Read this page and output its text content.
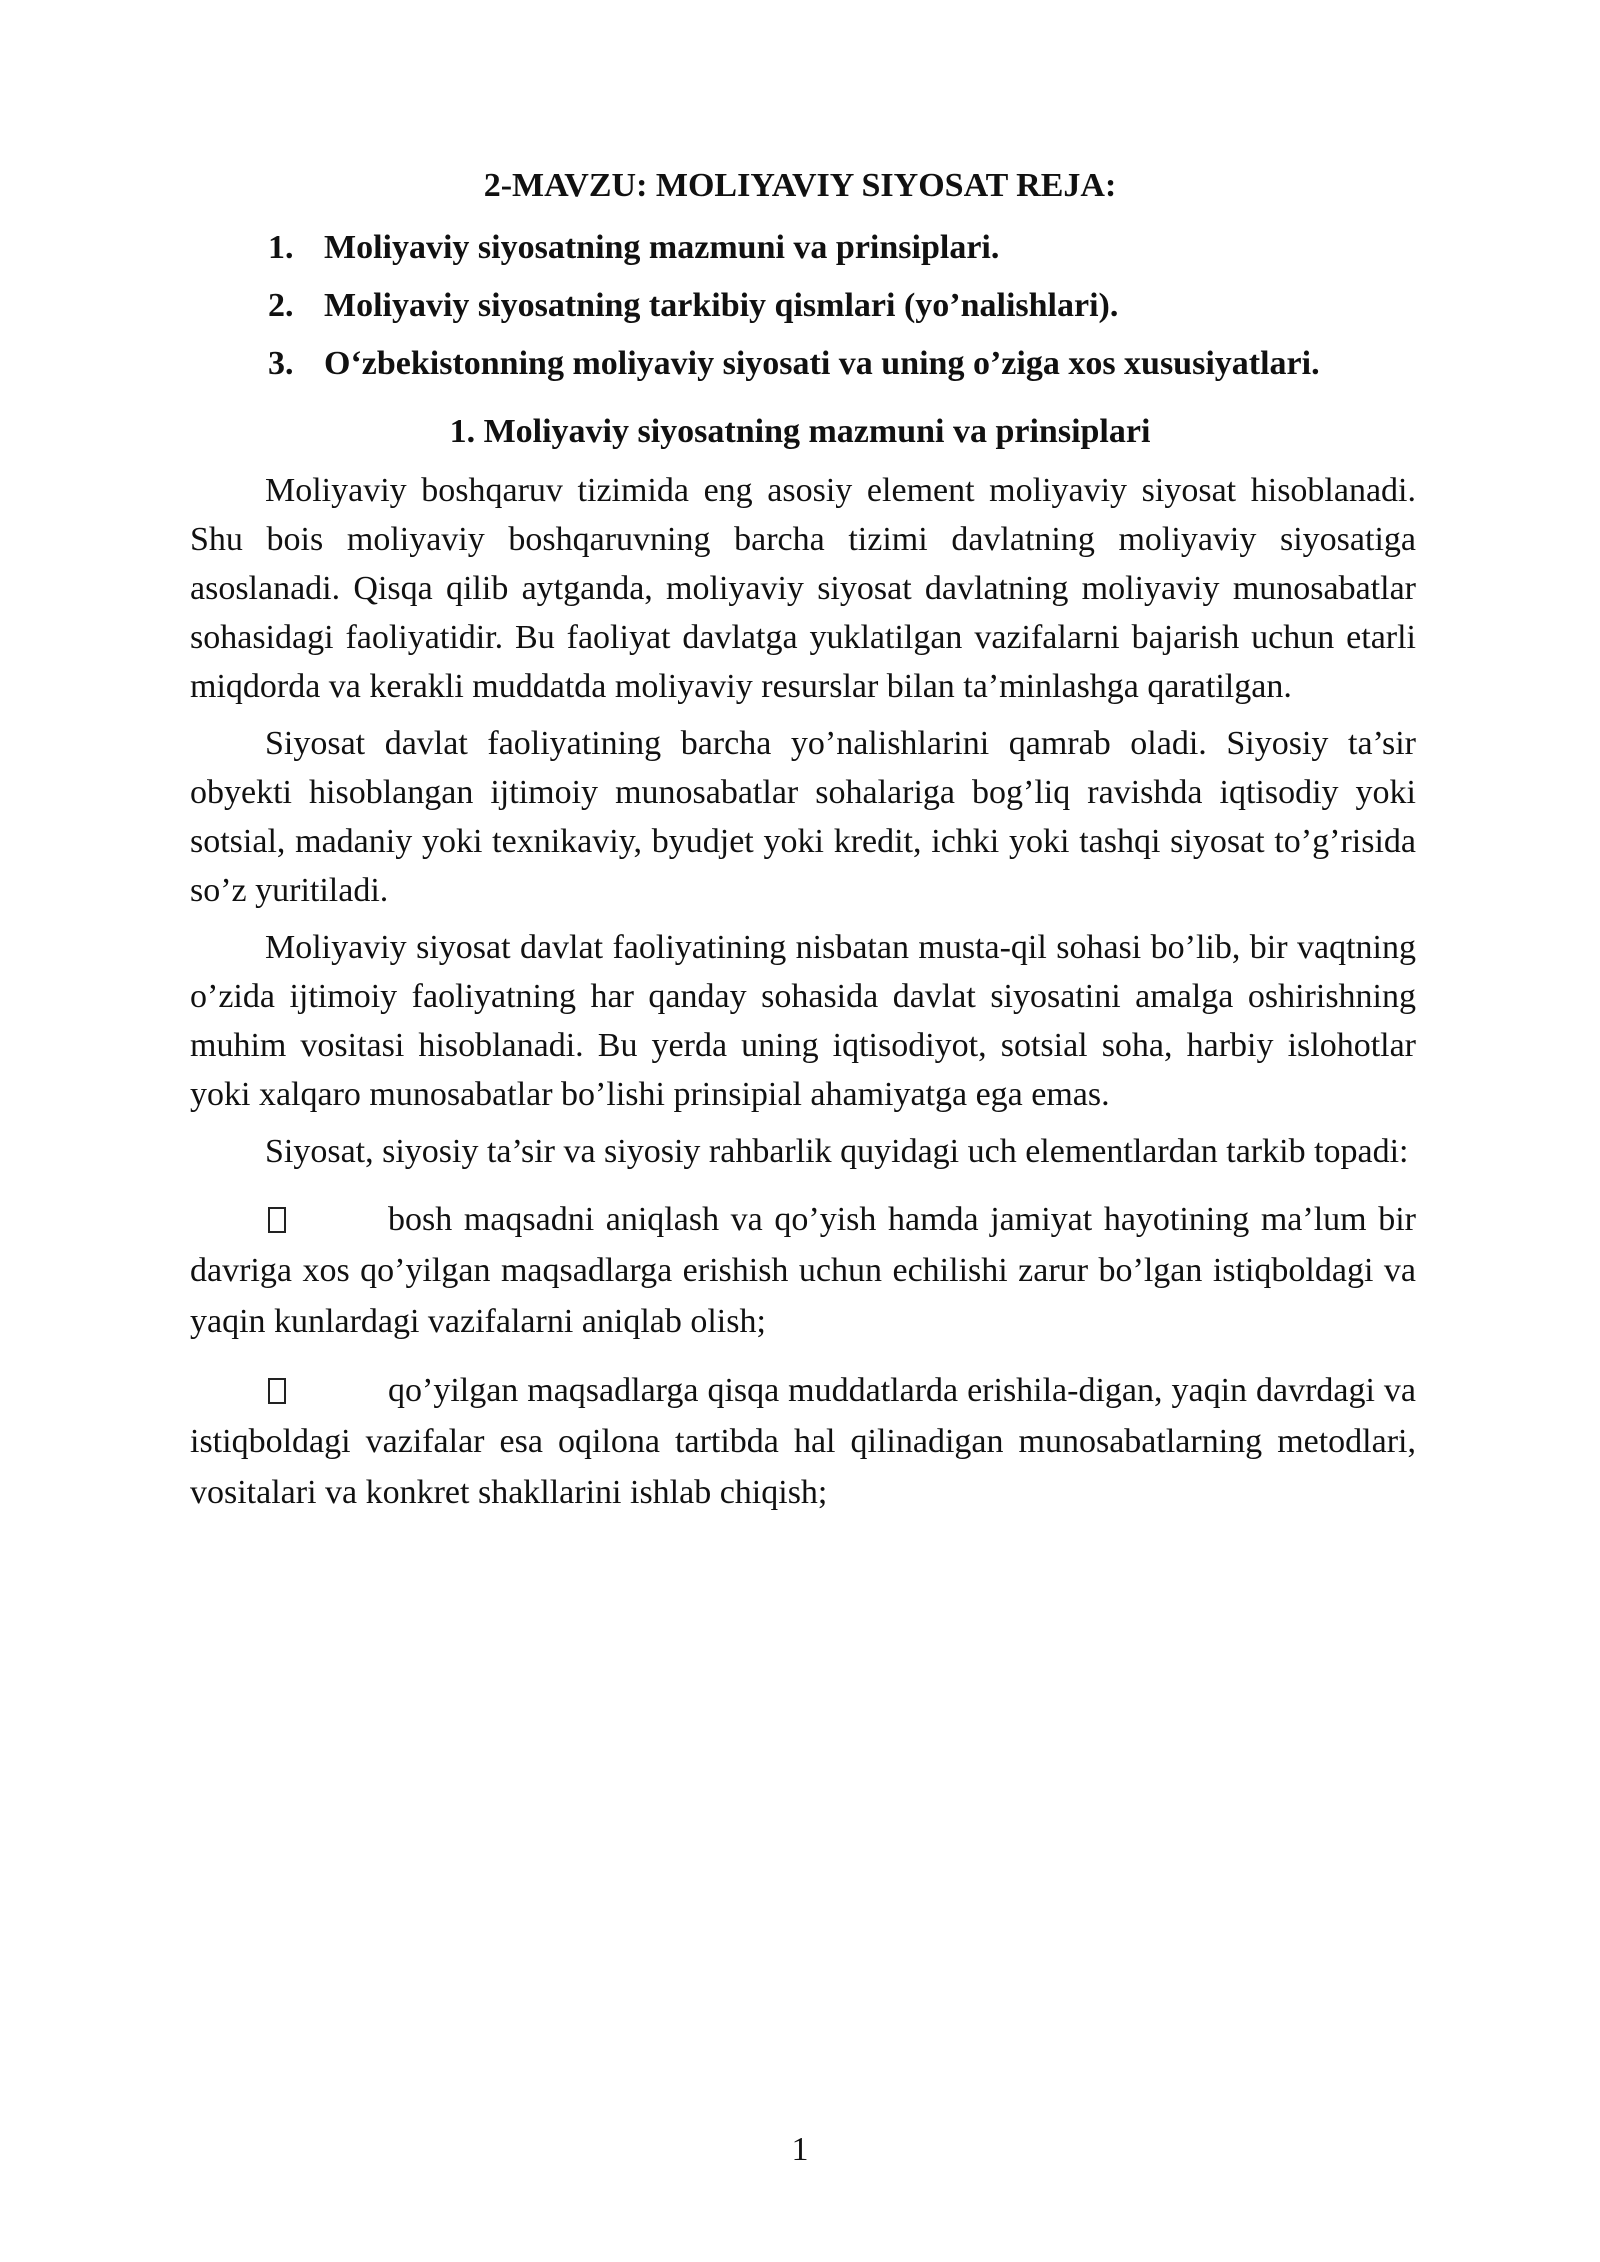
2-MAVZU: MOLIYAVIY SIYOSAT REJA:
1. Moliyaviy siyosatning mazmuni va prinsiplari.
2. Moliyaviy siyosatning tarkibiy qismlari (yo’nalishlari).
3. O‘zbekistonning moliyaviy siyosati va uning o’ziga xos xususiyatlari.
1. Moliyaviy siyosatning mazmuni va prinsiplari

Moliyaviy boshqaruv tizimida eng asosiy element moliyaviy siyosat hisoblanadi. Shu bois moliyaviy boshqaruvning barcha tizimi davlatning moliyaviy siyosatiga asoslanadi. Qisqa qilib aytganda, moliyaviy siyosat davlatning moliyaviy munosabatlar sohasidagi faoliyatidir. Bu faoliyat davlatga yuklatilgan vazifalarni bajarish uchun etarli miqdorda va kerakli muddatda moliyaviy resurslar bilan ta’minlashga qaratilgan.

Siyosat davlat faoliyatining barcha yo’nalishlarini qamrab oladi. Siyosiy ta’sir obyekti hisoblangan ijtimoiy munosabatlar sohalariga bog’liq ravishda iqtisodiy yoki sotsial, madaniy yoki texnikaviy, byudjet yoki kredit, ichki yoki tashqi siyosat to’g’risida so’z yuritiladi.

Moliyaviy siyosat davlat faoliyatining nisbatan musta-qil sohasi bo’lib, bir vaqtning o’zida ijtimoiy faoliyatning har qanday sohasida davlat siyosatini amalga oshirishning muhim vositasi hisoblanadi. Bu yerda uning iqtisodiyot, sotsial soha, harbiy islohotlar yoki xalqaro munosabatlar bo’lishi prinsipial ahamiyatga ega emas.

Siyosat, siyosiy ta’sir va siyosiy rahbarlik quyidagi uch elementlardan tarkib topadi:

bosh maqsadni aniqlash va qo’yish hamda jamiyat hayotining ma’lum bir davriga xos qo’yilgan maqsadlarga erishish uchun echilishi zarur bo’lgan istiqboldagi va yaqin kunlardagi vazifalarni aniqlab olish;
qo’yilgan maqsadlarga qisqa muddatlarda erishila-digan, yaqin davrdagi va istiqboldagi vazifalar esa oqilona tartibda hal qilinadigan munosabatlarning metodlari, vositalari va konkret shakllarini ishlab chiqish;
1
